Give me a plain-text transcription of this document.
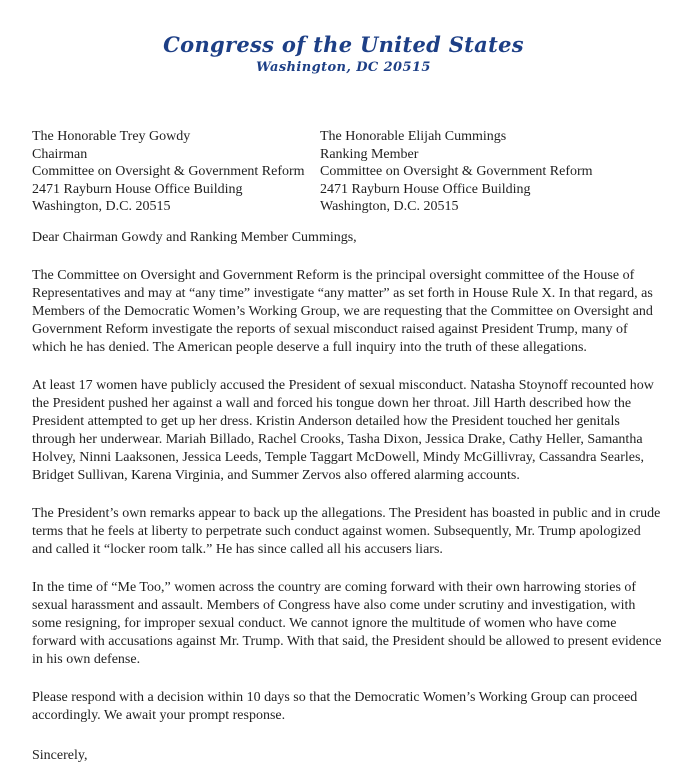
Congress of the United States
Washington, DC 20515
The Honorable Trey Gowdy
Chairman
Committee on Oversight & Government Reform
2471 Rayburn House Office Building
Washington, D.C. 20515
The Honorable Elijah Cummings
Ranking Member
Committee on Oversight & Government Reform
2471 Rayburn House Office Building
Washington, D.C. 20515

Dear Chairman Gowdy and Ranking Member Cummings,

The Committee on Oversight and Government Reform is the principal oversight committee of the House of Representatives and may at “any time” investigate “any matter” as set forth in House Rule X. In that regard, as Members of the Democratic Women’s Working Group, we are requesting that the Committee on Oversight and Government Reform investigate the reports of sexual misconduct raised against President Trump, many of which he has denied. The American people deserve a full inquiry into the truth of these allegations.

At least 17 women have publicly accused the President of sexual misconduct. Natasha Stoynoff recounted how the President pushed her against a wall and forced his tongue down her throat. Jill Harth described how the President attempted to get up her dress. Kristin Anderson detailed how the President touched her genitals through her underwear. Mariah Billado, Rachel Crooks, Tasha Dixon, Jessica Drake, Cathy Heller, Samantha Holvey, Ninni Laaksonen, Jessica Leeds, Temple Taggart McDowell, Mindy McGillivray, Cassandra Searles, Bridget Sullivan, Karena Virginia, and Summer Zervos also offered alarming accounts.

The President’s own remarks appear to back up the allegations. The President has boasted in public and in crude terms that he feels at liberty to perpetrate such conduct against women. Subsequently, Mr. Trump apologized and called it “locker room talk.” He has since called all his accusers liars.

In the time of “Me Too,” women across the country are coming forward with their own harrowing stories of sexual harassment and assault. Members of Congress have also come under scrutiny and investigation, with some resigning, for improper sexual conduct. We cannot ignore the multitude of women who have come forward with accusations against Mr. Trump. With that said, the President should be allowed to present evidence in his own defense.

Please respond with a decision within 10 days so that the Democratic Women’s Working Group can proceed accordingly. We await your prompt response.

Sincerely,
